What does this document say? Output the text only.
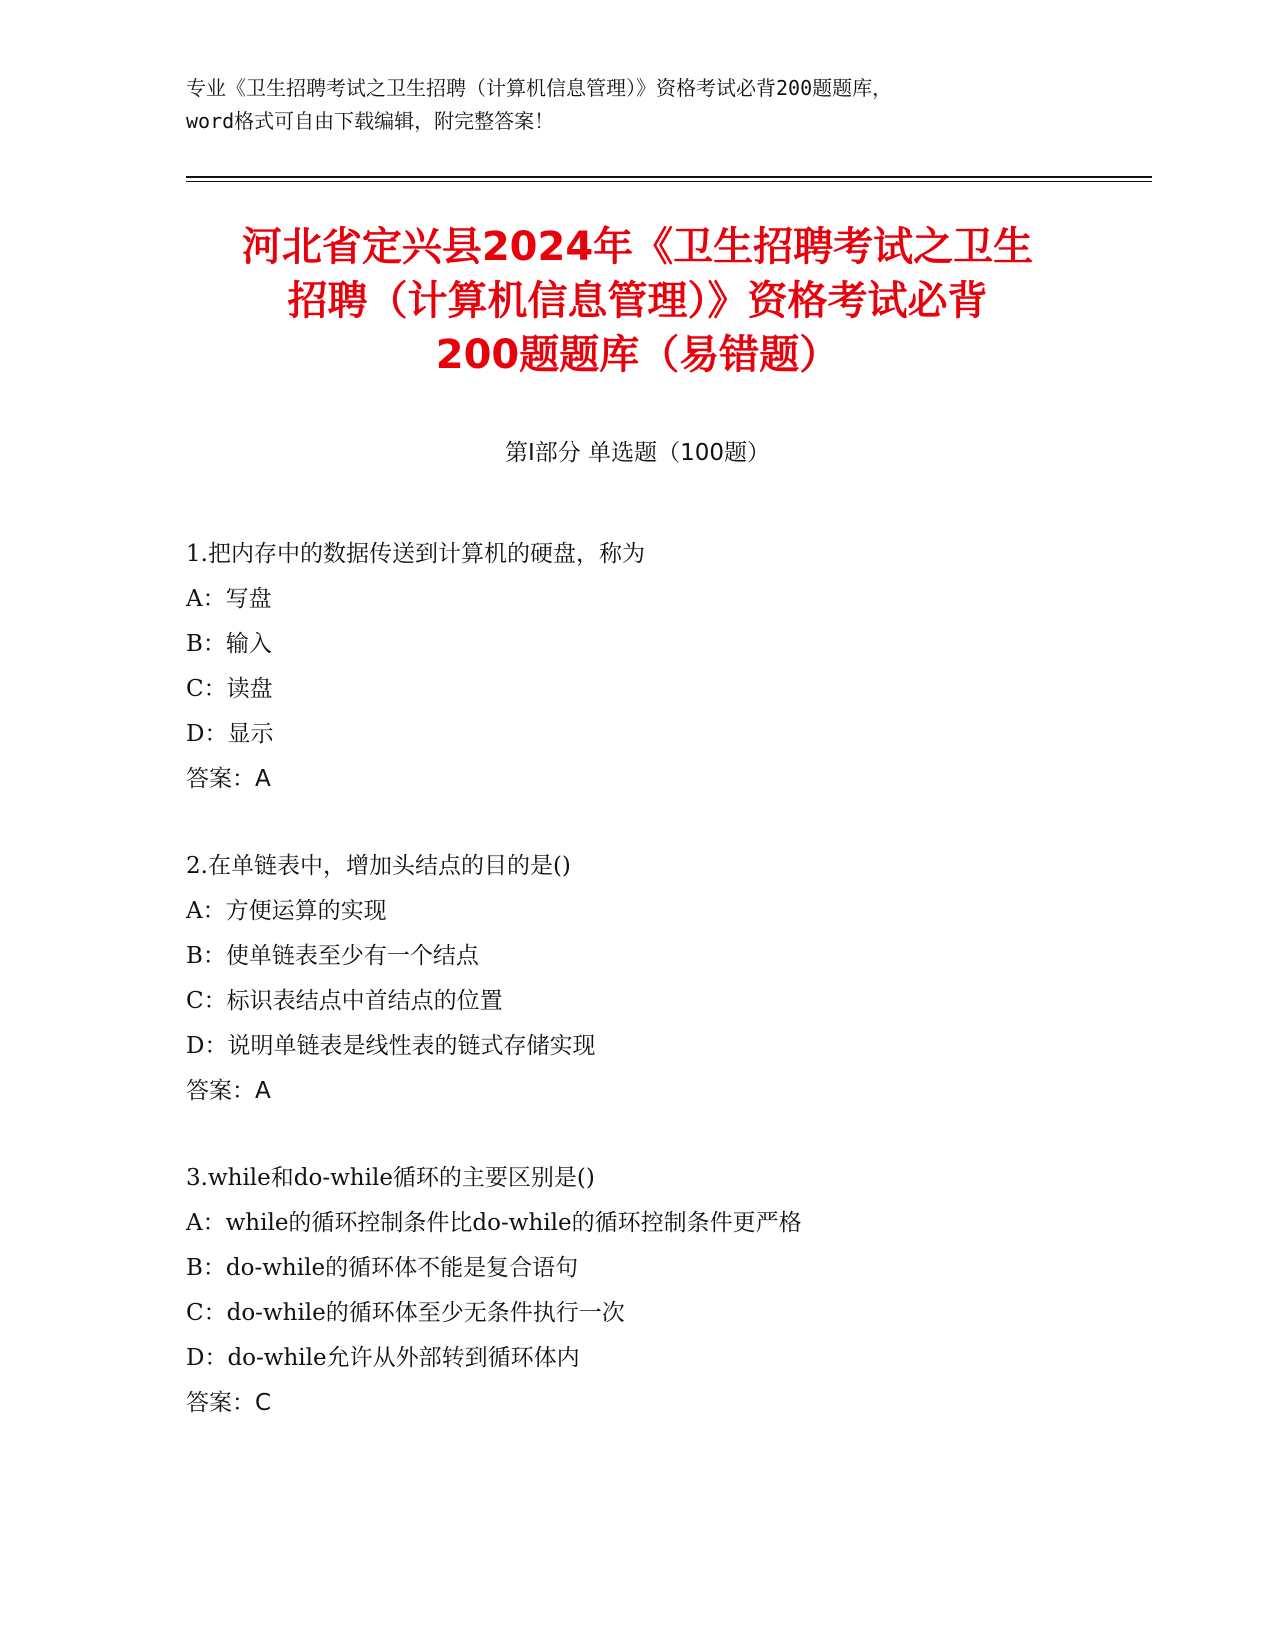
专业《卫生招聘考试之卫生招聘（计算机信息管理）》资格考试必背200题题库，
word格式可自由下载编辑，附完整答案！
河北省定兴县2024年《卫生招聘考试之卫生
招聘（计算机信息管理）》资格考试必背
200题题库（易错题）
第Ⅰ部分 单选题（100题）
1.把内存中的数据传送到计算机的硬盘，称为
A：写盘
B：输入
C：读盘
D：显示
答案：A
2.在单链表中，增加头结点的目的是()
A：方便运算的实现
B：使单链表至少有一个结点
C：标识表结点中首结点的位置
D：说明单链表是线性表的链式存储实现
答案：A
3.while和do-while循环的主要区别是()
A：while的循环控制条件比do-while的循环控制条件更严格
B：do-while的循环体不能是复合语句
C：do-while的循环体至少无条件执行一次
D：do-while允许从外部转到循环体内
答案：C
